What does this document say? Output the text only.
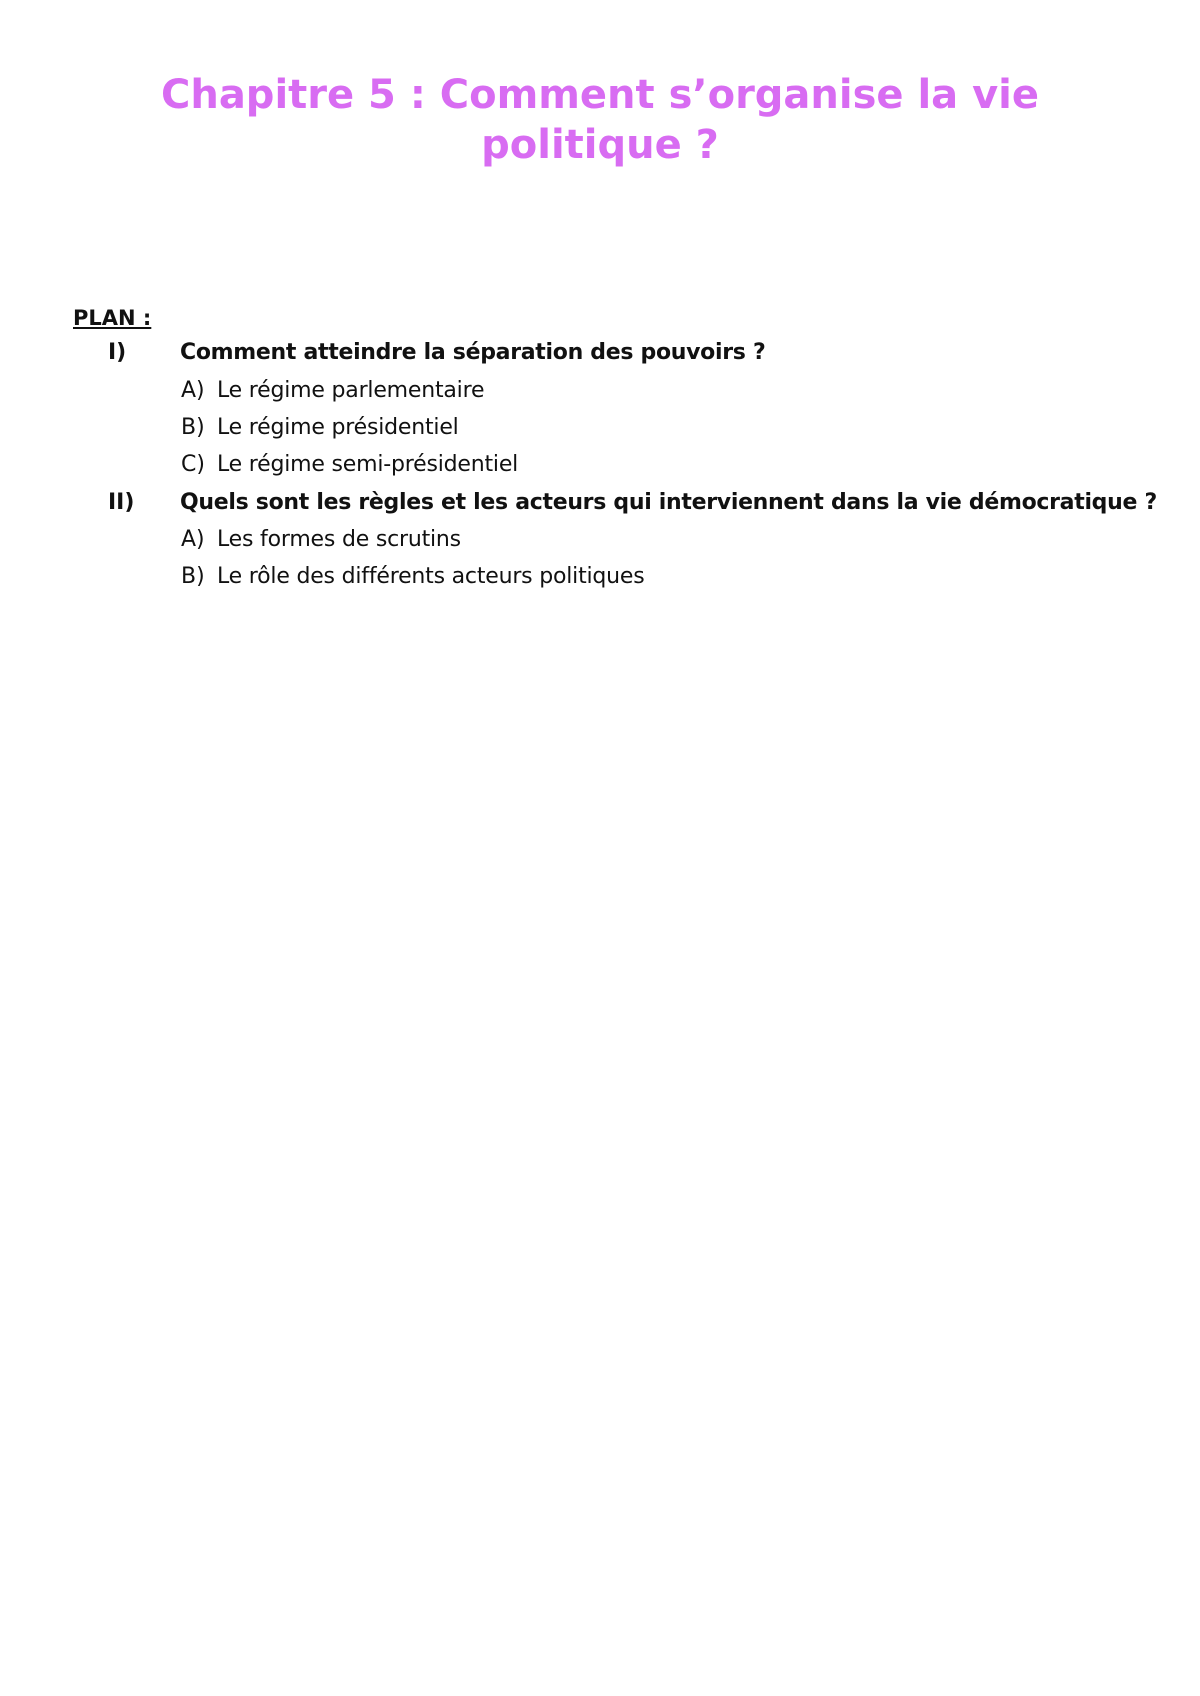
Chapitre 5 : Comment s’organise la vie
politique ?
PLAN :
I) Comment atteindre la séparation des pouvoirs ?
A) Le régime parlementaire
B) Le régime présidentiel
C) Le régime semi-présidentiel
II) Quels sont les règles et les acteurs qui interviennent dans la vie démocratique ?
A) Les formes de scrutins
B) Le rôle des différents acteurs politiques
